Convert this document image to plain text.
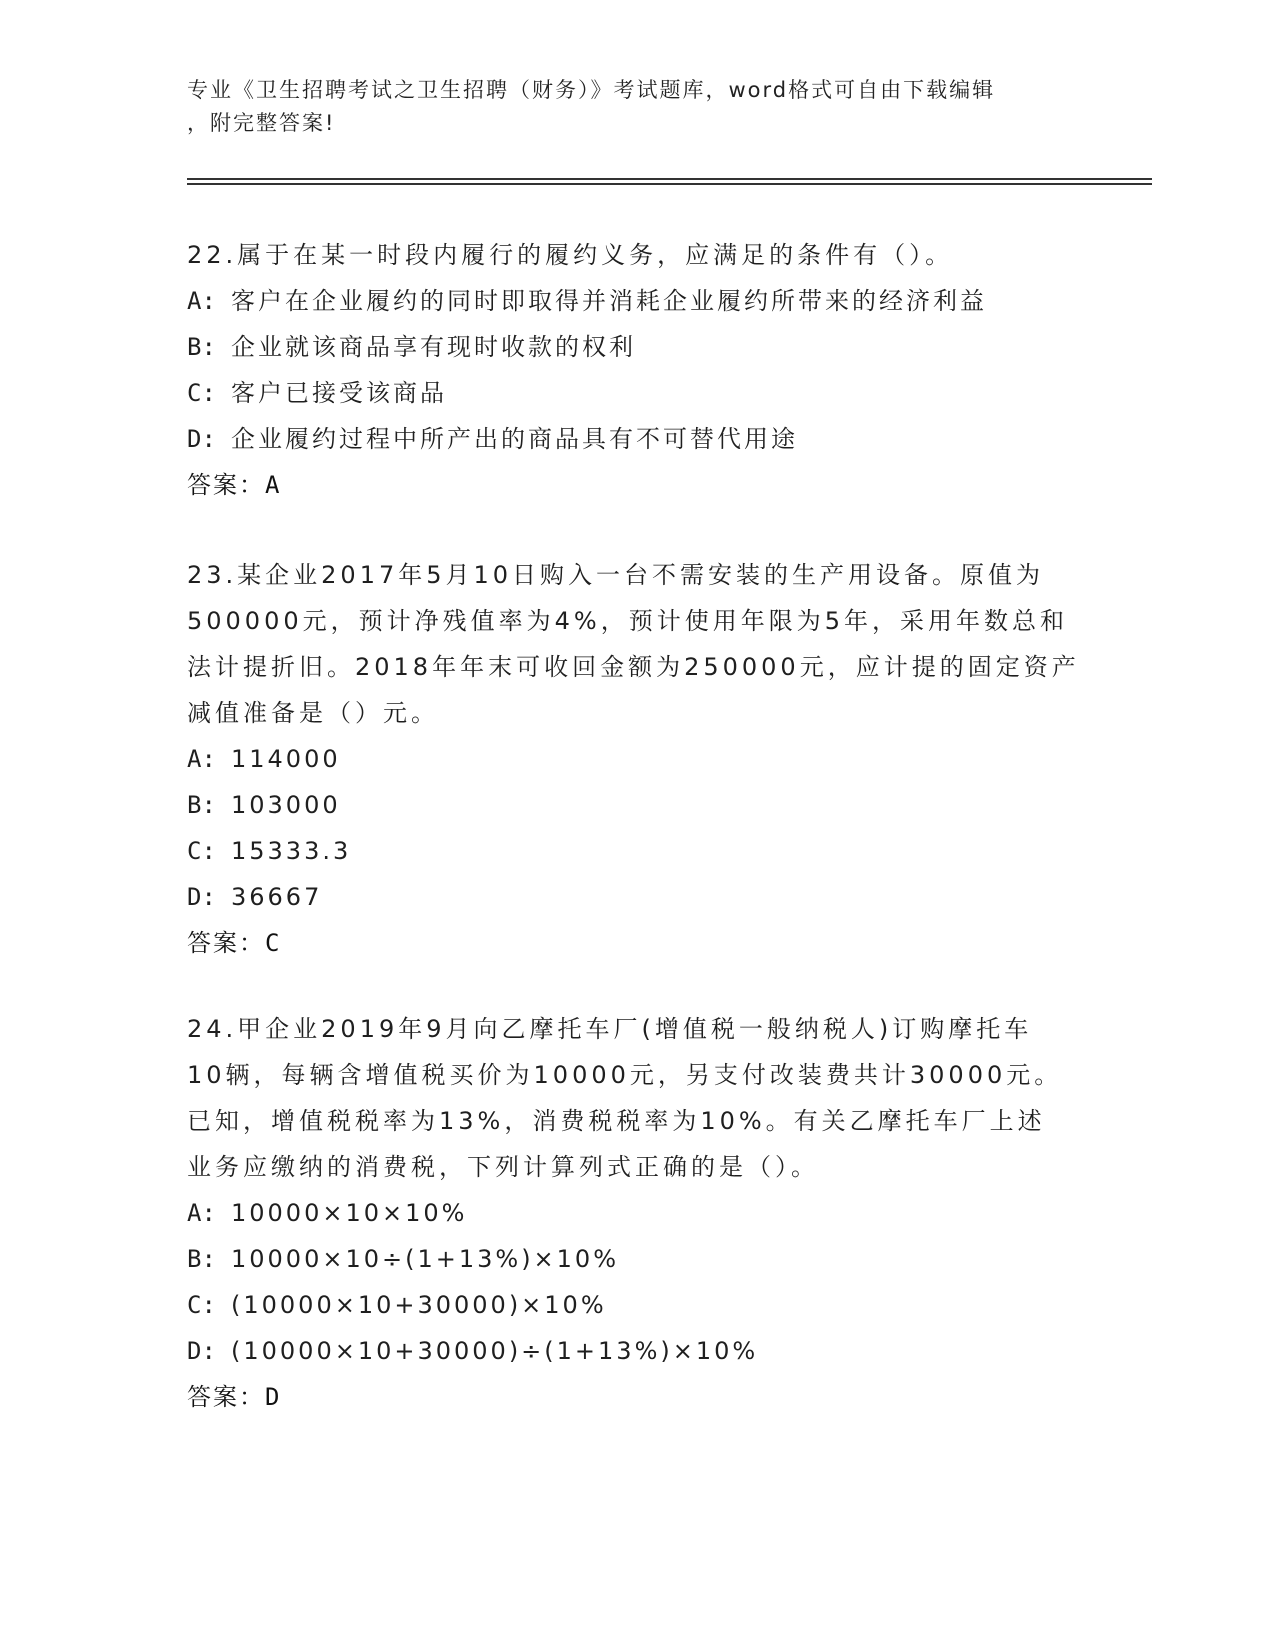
专业《卫生招聘考试之卫生招聘（财务）》考试题库，word格式可自由下载编辑
，附完整答案!
22.属于在某一时段内履行的履约义务，应满足的条件有（）。
A: 客户在企业履约的同时即取得并消耗企业履约所带来的经济利益
B: 企业就该商品享有现时收款的权利
C: 客户已接受该商品
D: 企业履约过程中所产出的商品具有不可替代用途
答案：A
23.某企业2017年5月10日购入一台不需安装的生产用设备。原值为
500000元，预计净残值率为4%，预计使用年限为5年，采用年数总和
法计提折旧。2018年年末可收回金额为250000元，应计提的固定资产
减值准备是（）元。
A: 114000
B: 103000
C: 15333.3
D: 36667
答案：C
24.甲企业2019年9月向乙摩托车厂(增值税一般纳税人)订购摩托车
10辆，每辆含增值税买价为10000元，另支付改装费共计30000元。
已知，增值税税率为13%，消费税税率为10%。有关乙摩托车厂上述
业务应缴纳的消费税，下列计算列式正确的是（）。
A: 10000×10×10%
B: 10000×10÷(1+13%)×10%
C: (10000×10+30000)×10%
D: (10000×10+30000)÷(1+13%)×10%
答案：D
